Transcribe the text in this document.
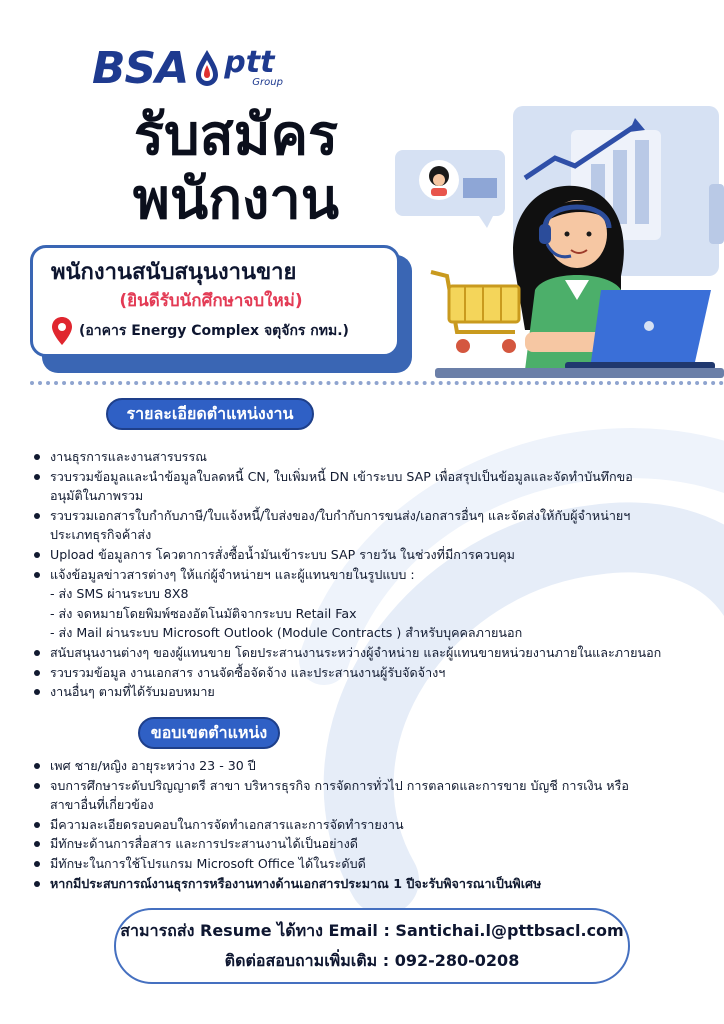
BSA ptt
Group
รับสมัคร
พนักงาน
พนักงานสนับสนุนงานขาย
(ยินดีรับนักศึกษาจบใหม่)
(อาคาร Energy Complex จตุจักร กทม.)
รายละเอียดตำแหน่งงาน
งานธุรการและงานสารบรรณ
รวบรวมข้อมูลและนำข้อมูลใบลดหนี้ CN, ใบเพิ่มหนี้ DN เข้าระบบ SAP เพื่อสรุปเป็นข้อมูลและจัดทำบันทึกขอ
อนุมัติในภาพรวม
รวบรวมเอกสารใบกำกับภาษี/ใบแจ้งหนี้/ใบส่งของ/ใบกำกับการขนส่ง/เอกสารอื่นๆ และจัดส่งให้กับผู้จำหน่ายฯ
ประเภทธุรกิจค้าส่ง
Upload ข้อมูลการ โควตาการสั่งซื้อน้ำมันเข้าระบบ SAP รายวัน ในช่วงที่มีการควบคุม
แจ้งข้อมูลข่าวสารต่างๆ ให้แก่ผู้จำหน่ายฯ และผู้แทนขายในรูปแบบ :
- ส่ง SMS ผ่านระบบ 8X8
- ส่ง จดหมายโดยพิมพ์ซองอัตโนมัติจากระบบ Retail Fax
- ส่ง Mail ผ่านระบบ Microsoft Outlook (Module Contracts ) สำหรับบุคคลภายนอก
สนับสนุนงานต่างๆ ของผู้แทนขาย โดยประสานงานระหว่างผู้จำหน่าย และผู้แทนขายหน่วยงานภายในและภายนอก
รวบรวมข้อมูล งานเอกสาร งานจัดซื้อจัดจ้าง และประสานงานผู้รับจัดจ้างฯ
งานอื่นๆ ตามที่ได้รับมอบหมาย
ขอบเขตตำแหน่ง
เพศ ชาย/หญิง อายุระหว่าง 23 - 30 ปี
จบการศึกษาระดับปริญญาตรี สาขา บริหารธุรกิจ การจัดการทั่วไป การตลาดและการขาย บัญชี การเงิน หรือ
สาขาอื่นที่เกี่ยวข้อง
มีความละเอียดรอบคอบในการจัดทำเอกสารและการจัดทำรายงาน
มีทักษะด้านการสื่อสาร และการประสานงานได้เป็นอย่างดี
มีทักษะในการใช้โปรแกรม Microsoft Office ได้ในระดับดี
หากมีประสบการณ์งานธุรการหรืองานทางด้านเอกสารประมาณ 1 ปีจะรับพิจารณาเป็นพิเศษ
สามารถส่ง Resume ได้ทาง Email : Santichai.l@pttbsacl.com
ติดต่อสอบถามเพิ่มเติม : 092-280-0208
